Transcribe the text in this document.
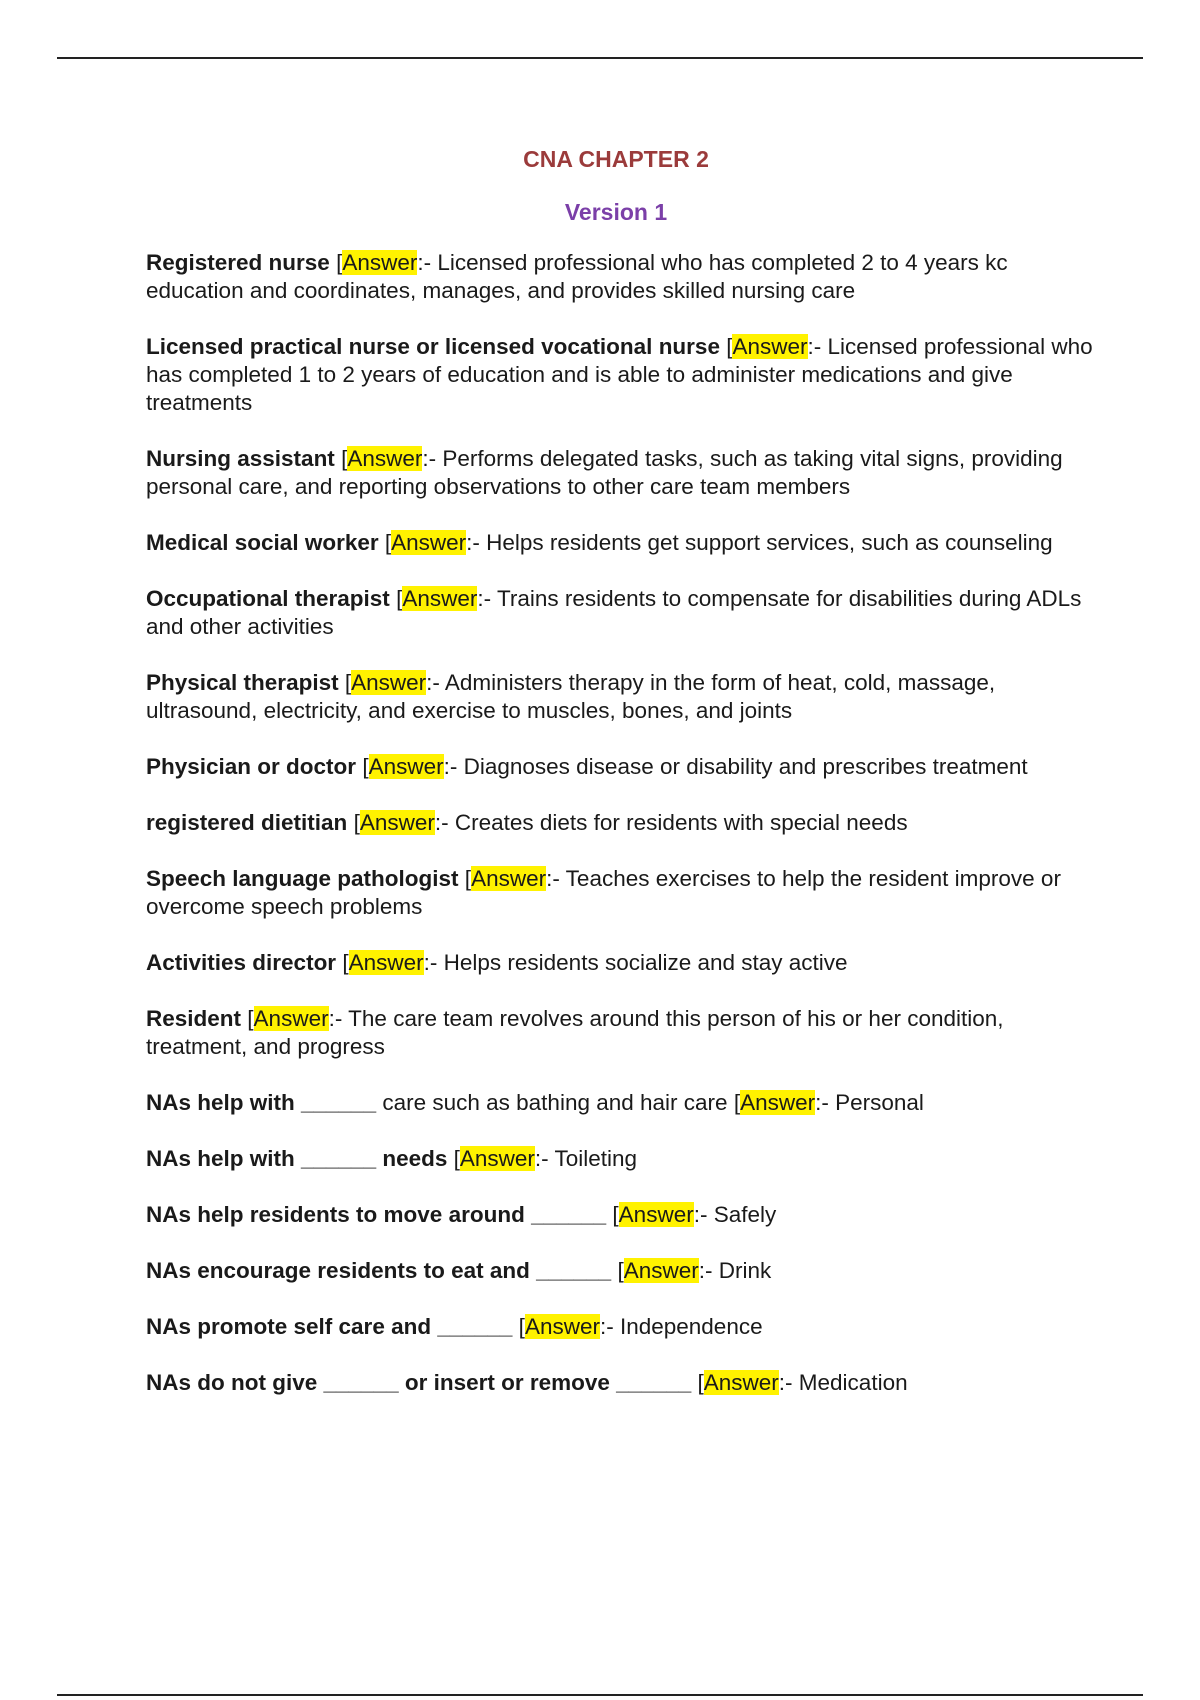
CNA CHAPTER 2
Version 1
Registered nurse [Answer:- Licensed professional who has completed 2 to 4 years kc education and coordinates, manages, and provides skilled nursing care
Licensed practical nurse or licensed vocational nurse [Answer:- Licensed professional who has completed 1 to 2 years of education and is able to administer medications and give treatments
Nursing assistant [Answer:- Performs delegated tasks, such as taking vital signs, providing personal care, and reporting observations to other care team members
Medical social worker [Answer:- Helps residents get support services, such as counseling
Occupational therapist [Answer:- Trains residents to compensate for disabilities during ADLs and other activities
Physical therapist [Answer:- Administers therapy in the form of heat, cold, massage, ultrasound, electricity, and exercise to muscles, bones, and joints
Physician or doctor [Answer:- Diagnoses disease or disability and prescribes treatment
registered dietitian [Answer:- Creates diets for residents with special needs
Speech language pathologist [Answer:- Teaches exercises to help the resident improve or overcome speech problems
Activities director [Answer:- Helps residents socialize and stay active
Resident [Answer:- The care team revolves around this person of his or her condition, treatment, and progress
NAs help with ______ care such as bathing and hair care [Answer:- Personal
NAs help with ______ needs [Answer:- Toileting
NAs help residents to move around ______ [Answer:- Safely
NAs encourage residents to eat and ______ [Answer:- Drink
NAs promote self care and ______ [Answer:- Independence
NAs do not give ______ or insert or remove ______ [Answer:- Medication
